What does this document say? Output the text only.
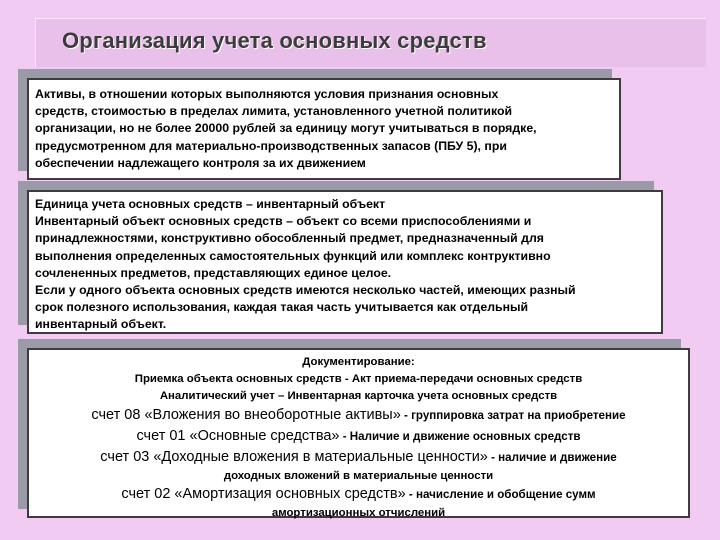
Организация учета основных средств

Активы, в отношении которых выполняются условия признания основных
средств, стоимостью в пределах лимита, установленного учетной политикой
организации, но не более 20000 рублей за единицу могут учитываться в порядке,
предусмотренном для материально-производственных запасов (ПБУ 5), при
обеспечении надлежащего контроля за их движением

Единица учета основных средств – инвентарный объект
Инвентарный объект основных средств – объект со всеми приспособлениями и
принадлежностями, конструктивно обособленный предмет, предназначенный для
выполнения определенных самостоятельных функций или комплекс контруктивно
сочлененных предметов, представляющих единое целое.
Если у одного объекта основных средств имеются несколько частей, имеющих разный
срок полезного использования, каждая такая часть учитывается как отдельный
инвентарный объект.

Документирование:

Приемка объекта основных средств - Акт приема-передачи основных средств

Аналитический учет – Инвентарная карточка учета основных средств

счет 08 «Вложения во внеоборотные активы» - группировка затрат на приобретение

счет 01 «Основные средства» - Наличие и движение основных средств

счет 03 «Доходные вложения в материальные ценности» - наличие и движение

доходных вложений в материальные ценности

счет 02 «Амортизация основных средств» - начисление и обобщение сумм

амортизационных отчислений
